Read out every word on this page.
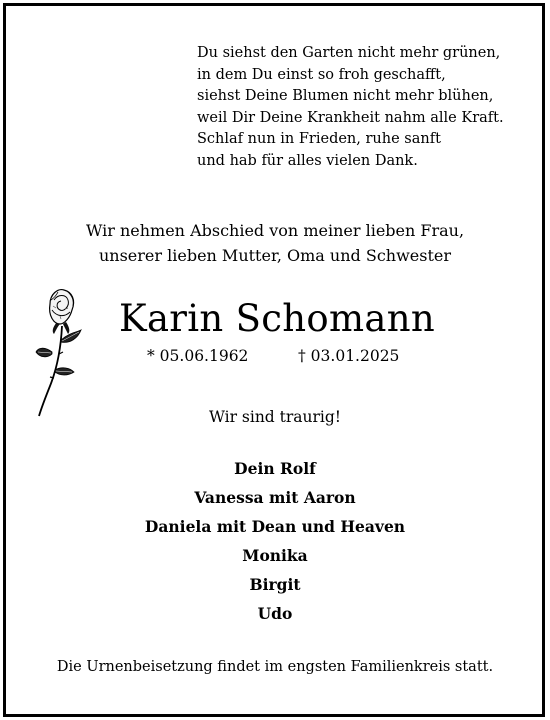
Du siehst den Garten nicht mehr grünen,
in dem Du einst so froh geschafft,
siehst Deine Blumen nicht mehr blühen,
weil Dir Deine Krankheit nahm alle Kraft.
Schlaf nun in Frieden, ruhe sanft
und hab für alles vielen Dank.
Wir nehmen Abschied von meiner lieben Frau,
unserer lieben Mutter, Oma und Schwester
Karin Schomann
* 05.06.1962	† 03.01.2025
Wir sind traurig!
Dein Rolf
Vanessa mit Aaron
Daniela mit Dean und Heaven
Monika
Birgit
Udo
Die Urnenbeisetzung findet im engsten Familienkreis statt.
